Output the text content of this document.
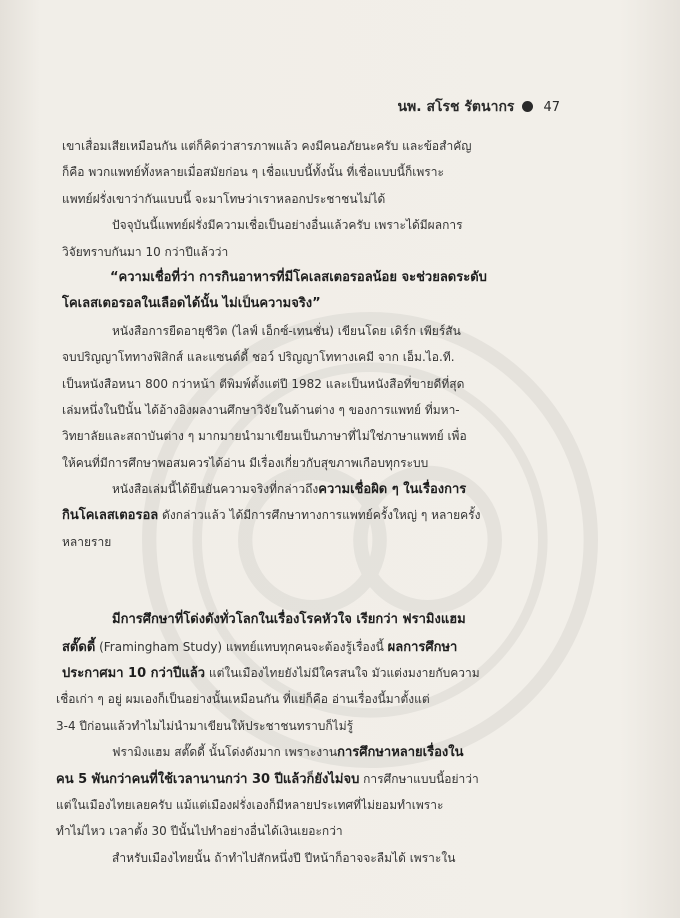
นพ. สโรช รัตนากร 47
เขาเสื่อมเสียเหมือนกัน แต่ก็คิดว่าสารภาพแล้ว คงมีคนอภัยนะครับ และข้อสำคัญ
ก็คือ พวกแพทย์ทั้งหลายเมื่อสมัยก่อน ๆ เชื่อแบบนี้ทั้งนั้น ที่เชื่อแบบนี้ก็เพราะ
แพทย์ฝรั่งเขาว่ากันแบบนี้ จะมาโทษว่าเราหลอกประชาชนไม่ได้
ปัจจุบันนี้แพทย์ฝรั่งมีความเชื่อเป็นอย่างอื่นแล้วครับ เพราะได้มีผลการ
วิจัยทราบกันมา 10 กว่าปีแล้วว่า
“ความเชื่อที่ว่า การกินอาหารที่มีโคเลสเตอรอลน้อย จะช่วยลดระดับ
โคเลสเตอรอลในเลือดได้นั้น ไม่เป็นความจริง”
หนังสือการยืดอายุชีวิต (ไลฟ์ เอ็กซ์-เทนชั่น) เขียนโดย เดิร์ก เพียร์สัน
จบปริญญาโททางฟิสิกส์ และแซนด์ดี้ ชอว์ ปริญญาโททางเคมี จาก เอ็ม.ไอ.ที.
เป็นหนังสือหนา 800 กว่าหน้า ตีพิมพ์ตั้งแต่ปี 1982 และเป็นหนังสือที่ขายดีที่สุด
เล่มหนึ่งในปีนั้น ได้อ้างอิงผลงานศึกษาวิจัยในด้านต่าง ๆ ของการแพทย์ ที่มหา-
วิทยาลัยและสถาบันต่าง ๆ มากมายนำมาเขียนเป็นภาษาที่ไม่ใช่ภาษาแพทย์ เพื่อ
ให้คนที่มีการศึกษาพอสมควรได้อ่าน มีเรื่องเกี่ยวกับสุขภาพเกือบทุกระบบ
หนังสือเล่มนี้ได้ยืนยันความจริงที่กล่าวถึงความเชื่อผิด ๆ ในเรื่องการ
กินโคเลสเตอรอล ดังกล่าวแล้ว ได้มีการศึกษาทางการแพทย์ครั้งใหญ่ ๆ หลายครั้ง
หลายราย
มีการศึกษาที่โด่งดังทั่วโลกในเรื่องโรคหัวใจ เรียกว่า ฟรามิงแฮม
สตั๊ดดี้ (Framingham Study) แพทย์แทบทุกคนจะต้องรู้เรื่องนี้ ผลการศึกษา
ประกาศมา 10 กว่าปีแล้ว แต่ในเมืองไทยยังไม่มีใครสนใจ มัวแต่งมงายกับความ
เชื่อเก่า ๆ อยู่ ผมเองก็เป็นอย่างนั้นเหมือนกัน ที่แย่ก็คือ อ่านเรื่องนี้มาตั้งแต่
3-4 ปีก่อนแล้วทำไมไม่นำมาเขียนให้ประชาชนทราบก็ไม่รู้
ฟรามิงแฮม สตั๊ดดี้ นั้นโด่งดังมาก เพราะงานการศึกษาหลายเรื่องใน
คน 5 พันกว่าคนที่ใช้เวลานานกว่า 30 ปีแล้วก็ยังไม่จบ การศึกษาแบบนี้อย่าว่า
แต่ในเมืองไทยเลยครับ แม้แต่เมืองฝรั่งเองก็มีหลายประเทศที่ไม่ยอมทำเพราะ
ทำไม่ไหว เวลาตั้ง 30 ปีนั้นไปทำอย่างอื่นได้เงินเยอะกว่า
สำหรับเมืองไทยนั้น ถ้าทำไปสักหนึ่งปี ปีหน้าก็อาจจะลืมได้ เพราะใน
